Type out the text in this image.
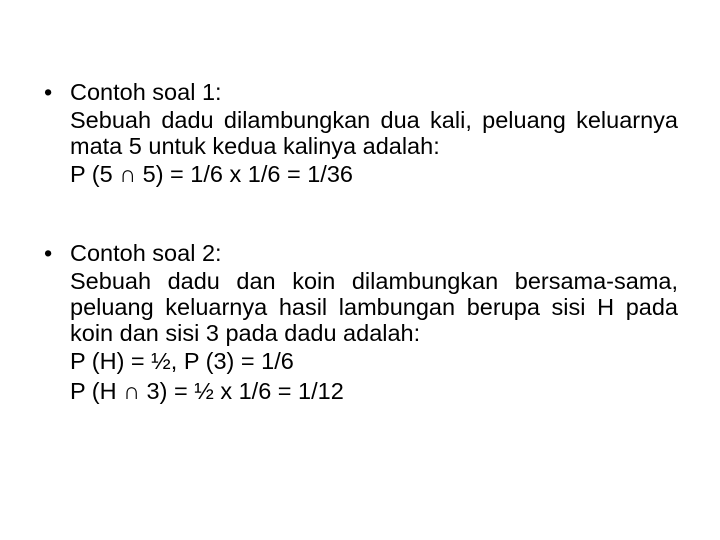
• Contoh soal 1:
Sebuah dadu dilambungkan dua kali, peluang keluarnya mata 5 untuk kedua kalinya adalah:
P (5 ∩ 5) = 1/6 x 1/6 = 1/36
• Contoh soal 2:
Sebuah dadu dan koin dilambungkan bersama-sama, peluang keluarnya hasil lambungan berupa sisi H pada koin dan sisi 3 pada dadu adalah:
P (H) = ½, P (3) = 1/6
P (H ∩ 3) = ½ x 1/6 = 1/12
